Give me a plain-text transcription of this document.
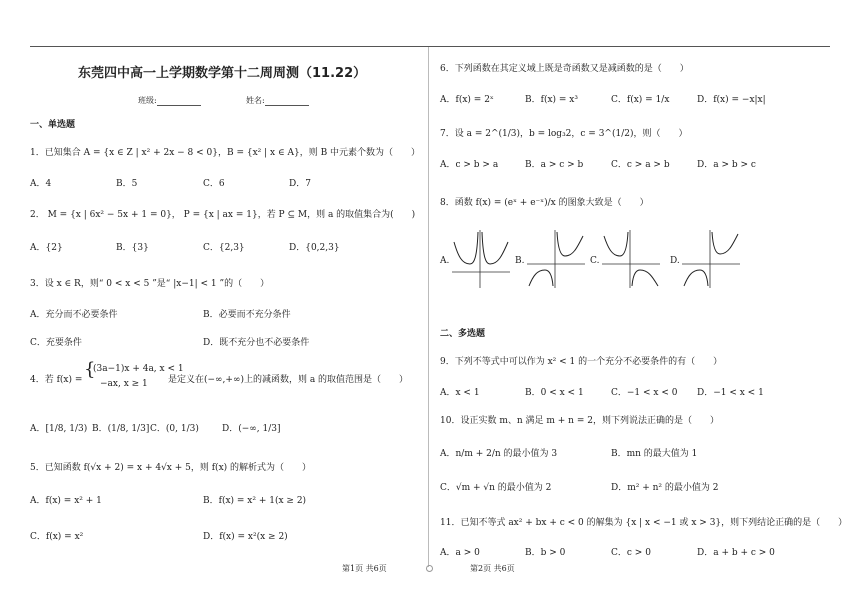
东莞四中高一上学期数学第十二周周测（11.22）
班级:	姓名:
一、单选题
1．已知集合 A = {x ∈ Z | x² + 2x − 8 < 0}，B = {x² | x ∈ A}，则 B 中元素个数为（　　）
A．4	B．5	C．6	D．7
2． M = {x | 6x² − 5x + 1 = 0}， P = {x | ax = 1}，若 P ⊆ M，则 a 的取值集合为(　　)
A．{2}	B．{3}	C．{2,3}	D．{0,2,3}
3．设 x ∈ R，则“ 0 < x < 5 ”是“ |x−1| < 1 ”的（　　）
A．充分而不必要条件	B．必要而不充分条件
C．充要条件	D．既不充分也不必要条件
4．若 f(x) = {
(3a−1)x + 4a, x < 1
−ax, x ≥ 1 是定义在(−∞,+∞)上的减函数，则 a 的取值范围是（　　）
A．[1/8, 1/3) B．(1/8, 1/3] C．(0, 1/3)	D．(−∞, 1/3]
5．已知函数 f(√x + 2) = x + 4√x + 5，则 f(x) 的解析式为（　　）
A．f(x) = x² + 1	B．f(x) = x² + 1(x ≥ 2)
C．f(x) = x²	D．f(x) = x²(x ≥ 2)
6．下列函数在其定义域上既是奇函数又是减函数的是（　　）
A．f(x) = 2ˣ	B．f(x) = x³	C．f(x) = 1/x	D．f(x) = −x|x|
7．设 a = 2^(1/3)，b = log₃2，c = 3^(1/2)，则（　　）
A．c > b > a	B．a > c > b	C．c > a > b	D．a > b > c
8．函数 f(x) = (eˣ + e⁻ˣ)/x 的图象大致是（　　）
A.	B.	C.	D.
二、多选题
9．下列不等式中可以作为 x² < 1 的一个充分不必要条件的有（　　）
A．x < 1	B．0 < x < 1	C．−1 < x < 0 D．−1 < x < 1
10．设正实数 m、n 满足 m + n = 2，则下列说法正确的是（　　）
A．n/m + 2/n 的最小值为 3	B．mn 的最大值为 1
C．√m + √n 的最小值为 2	D．m² + n² 的最小值为 2
11．已知不等式 ax² + bx + c < 0 的解集为 {x | x < −1 或 x > 3}，则下列结论正确的是（　　）
A．a > 0	B．b > 0	C．c > 0	D．a + b + c > 0
第1页 共6页	第2页 共6页
